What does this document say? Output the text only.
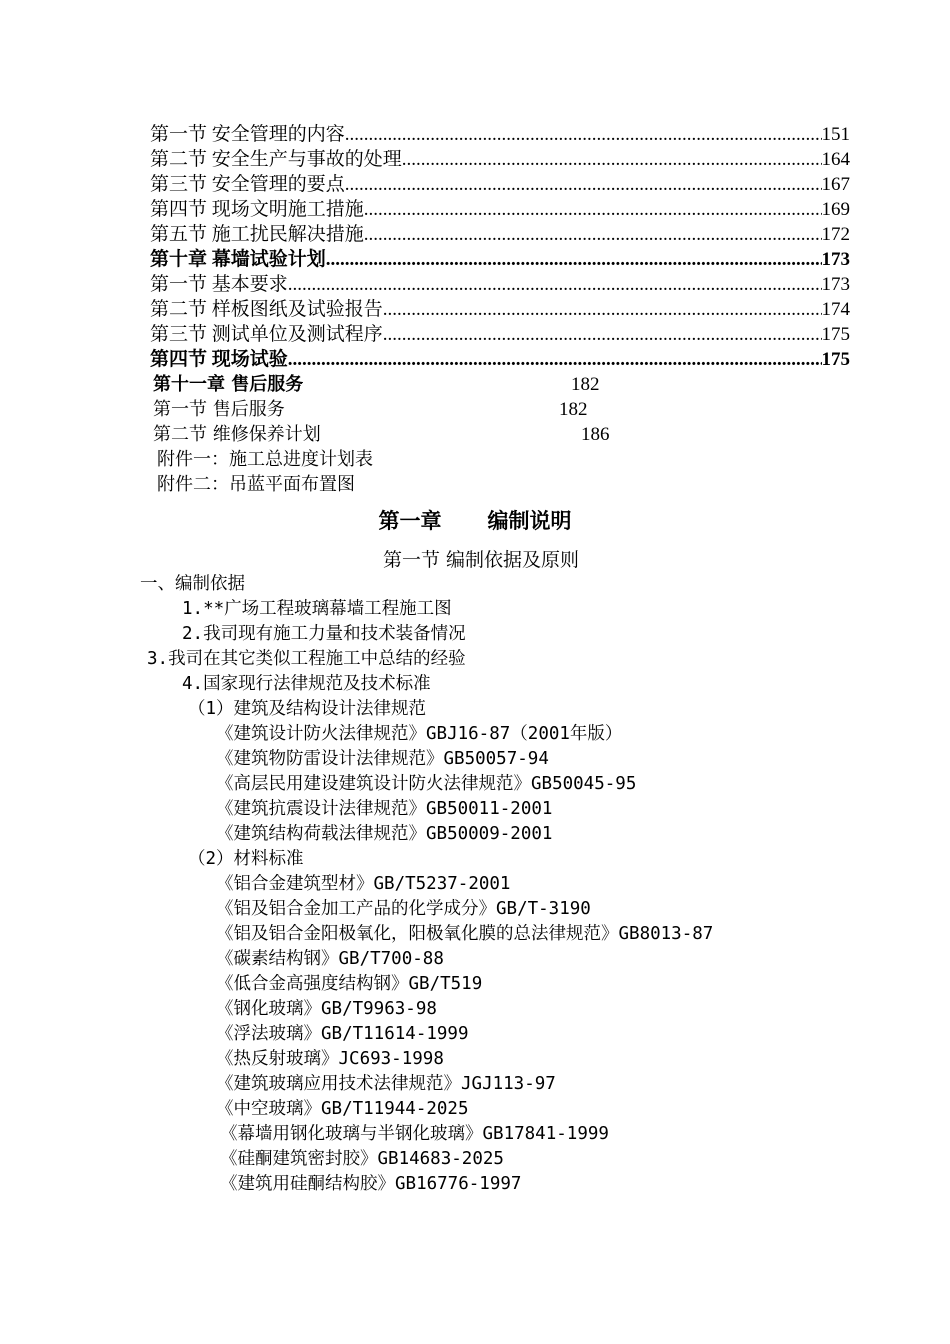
第一节 安全管理的内容 .....	151
第二节 安全生产与事故的处理 .....	164
第三节 安全管理的要点 .....	167
第四节 现场文明施工措施 .....	169
第五节 施工扰民解决措施 .....	172
第十章 幕墙试验计划 .....	173
第一节 基本要求 .....	173
第二节 样板图纸及试验报告 .....	174
第三节 测试单位及测试程序 .....	175
第四节 现场试验 .....	175
第十一章 售后服务	182
第一节 售后服务	182
第二节 维修保养计划	186
附件一：施工总进度计划表
附件二：吊蓝平面布置图
第一章 编制说明
第一节 编制依据及原则
一、编制依据
1.**广场工程玻璃幕墙工程施工图
2.我司现有施工力量和技术装备情况
3.我司在其它类似工程施工中总结的经验
4.国家现行法律规范及技术标准
（1）建筑及结构设计法律规范
《建筑设计防火法律规范》GBJ16-87（2001年版）
《建筑物防雷设计法律规范》GB50057-94
《高层民用建设建筑设计防火法律规范》GB50045-95
《建筑抗震设计法律规范》GB50011-2001
《建筑结构荷载法律规范》GB50009-2001
（2）材料标准
《铝合金建筑型材》GB/T5237-2001
《铝及铝合金加工产品的化学成分》GB/T-3190
《铝及铝合金阳极氧化，阳极氧化膜的总法律规范》GB8013-87
《碳素结构钢》GB/T700-88
《低合金高强度结构钢》GB/T519
《钢化玻璃》GB/T9963-98
《浮法玻璃》GB/T11614-1999
《热反射玻璃》JC693-1998
《建筑玻璃应用技术法律规范》JGJ113-97
《中空玻璃》GB/T11944-2025
《幕墙用钢化玻璃与半钢化玻璃》GB17841-1999
《硅酮建筑密封胶》GB14683-2025
《建筑用硅酮结构胶》GB16776-1997
